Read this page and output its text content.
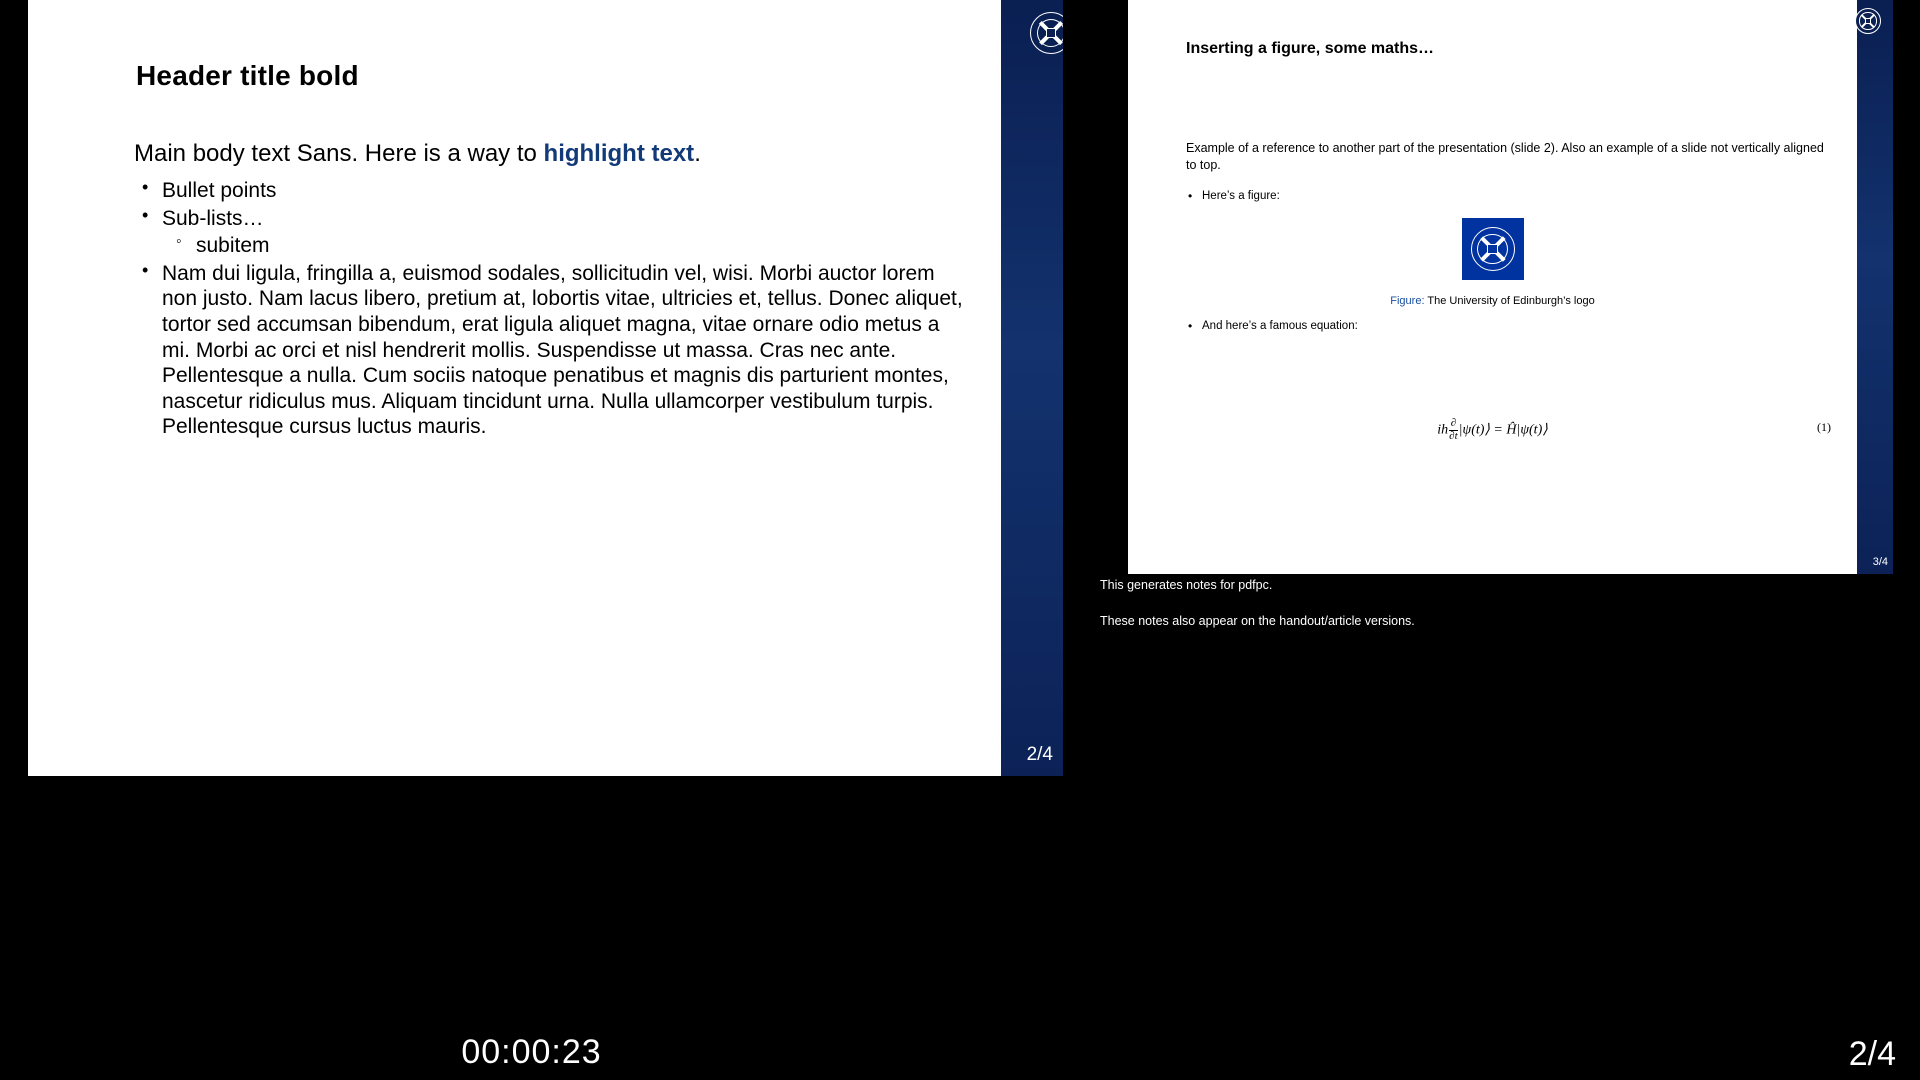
Header title bold
Main body text Sans. Here is a way to highlight text.
• Bullet points
• Sub-lists…
◦ subitem
• Nam dui ligula, fringilla a, euismod sodales, sollicitudin vel, wisi. Morbi auctor lorem non justo. Nam lacus libero, pretium at, lobortis vitae, ultricies et, tellus. Donec aliquet, tortor sed accumsan bibendum, erat ligula aliquet magna, vitae ornare odio metus a mi. Morbi ac orci et nisl hendrerit mollis. Suspendisse ut massa. Cras nec ante. Pellentesque a nulla. Cum sociis natoque penatibus et magnis dis parturient montes, nascetur ridiculus mus. Aliquam tincidunt urna. Nulla ullamcorper vestibulum turpis. Pellentesque cursus luctus mauris.
2/4
Inserting a figure, some maths…
Example of a reference to another part of the presentation (slide 2). Also an example of a slide not vertically aligned to top.
• Here’s a figure:
Figure: The University of Edinburgh’s logo
• And here’s a famous equation:
ih $\frac{\partial}{\partial t}$ |ψ(t)⟩ = Ĥ|ψ(t)⟩	(1)
3/4

This generates notes for pdfpc.

These notes also appear on the handout/article versions.

00:00:23	2/4
